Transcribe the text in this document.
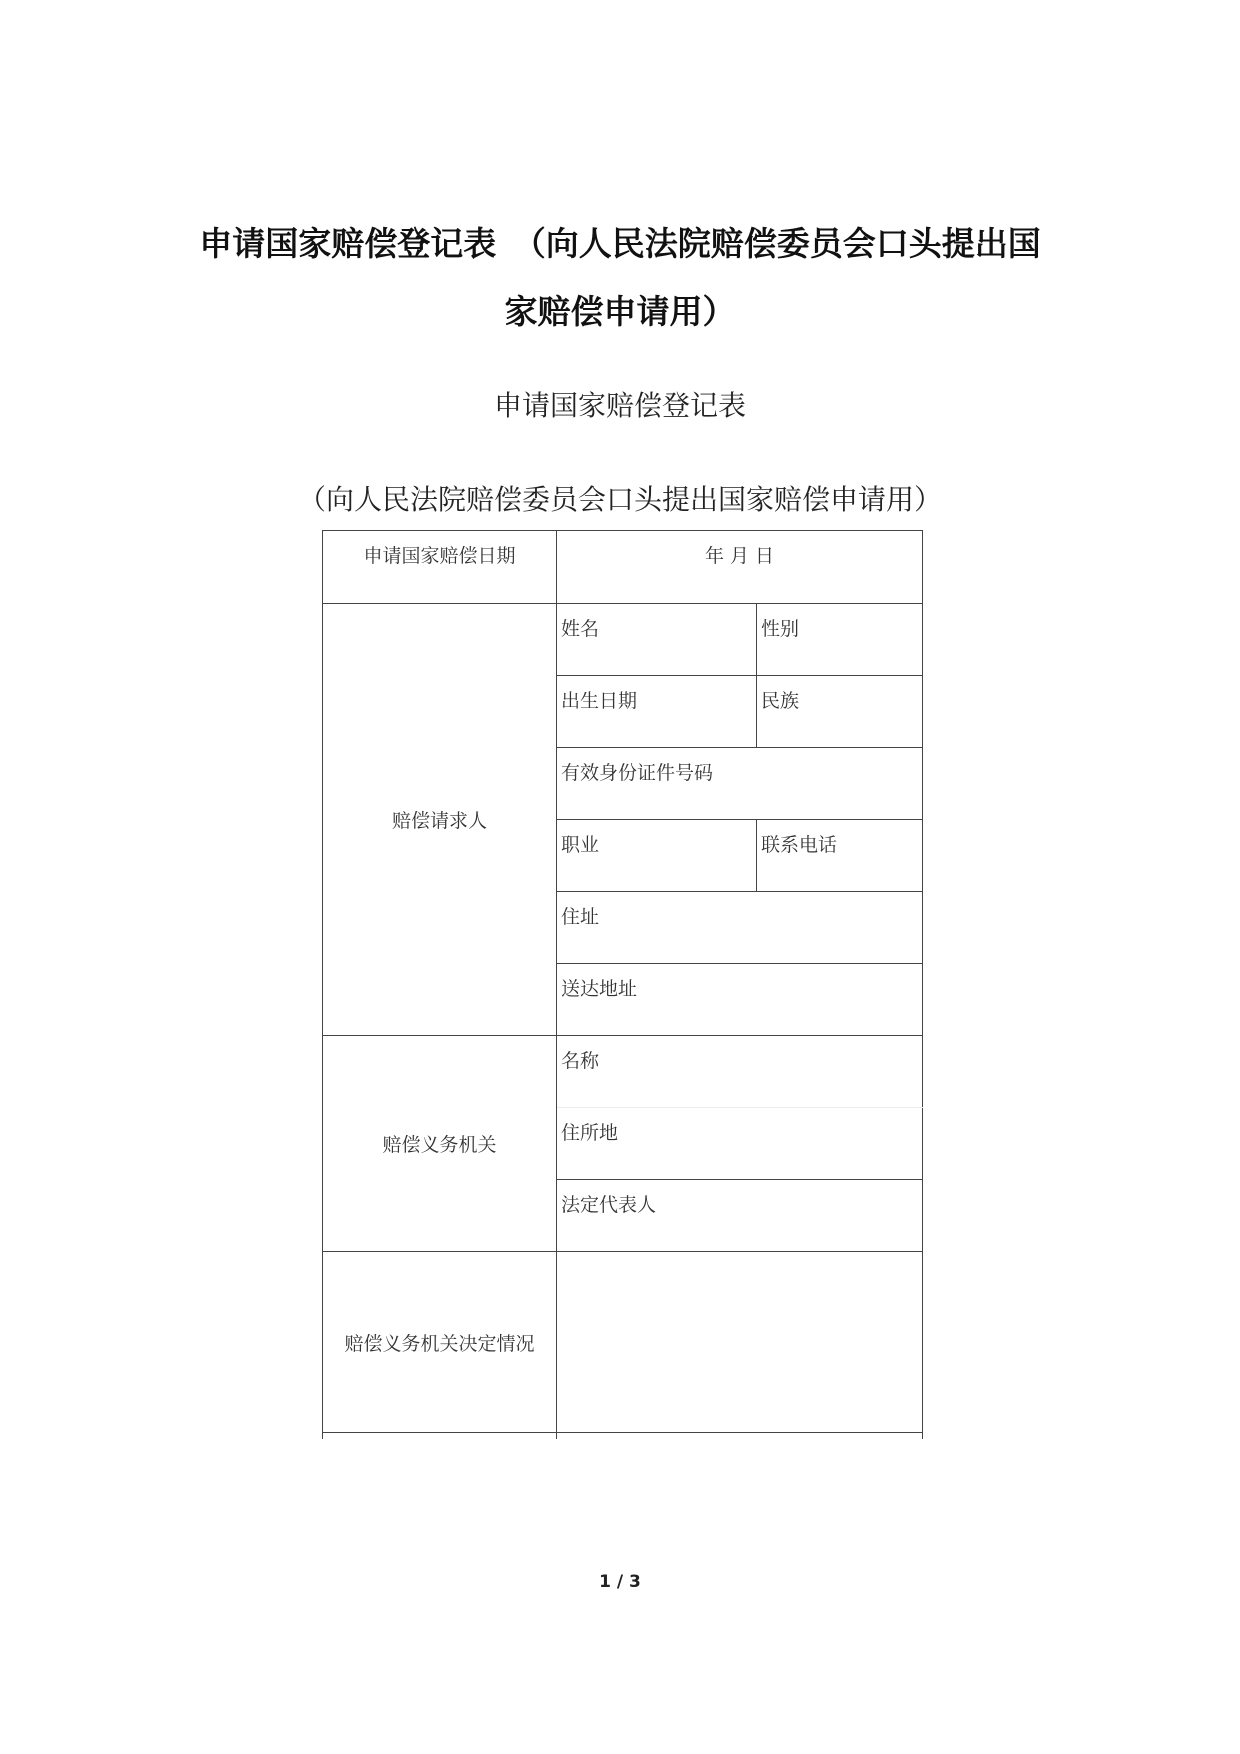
申请国家赔偿登记表　（向人民法院赔偿委员会口头提出国
家赔偿申请用）
申请国家赔偿登记表
（向人民法院赔偿委员会口头提出国家赔偿申请用）
申请国家赔偿日期	年 月 日	
赔偿请求人	姓名	性别
	出生日期	民族
	有效身份证件号码	
	职业	联系电话
	住址	
	送达地址	
赔偿义务机关	名称	
	住所地	
	法定代表人	
赔偿义务机关决定情况		

1 / 3
